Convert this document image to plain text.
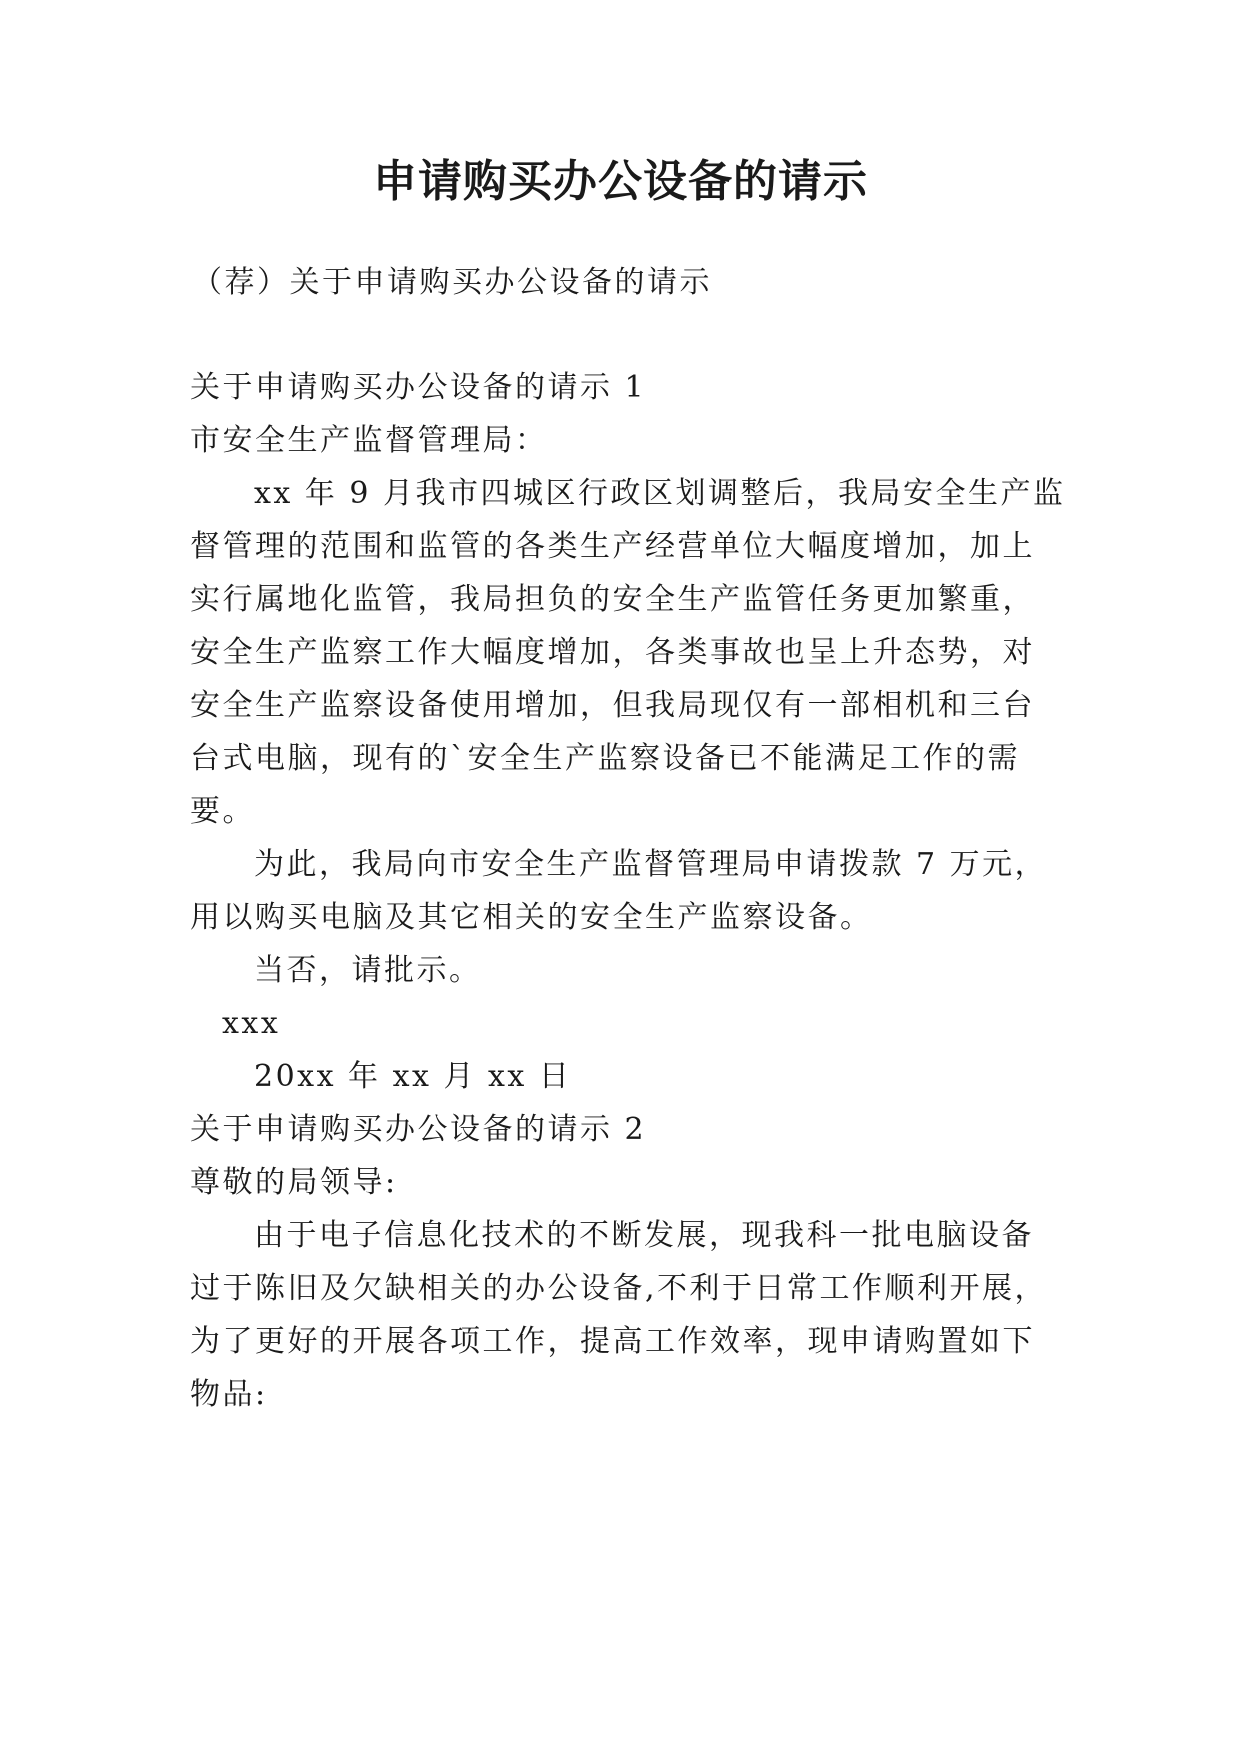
申请购买办公设备的请示
（荐）关于申请购买办公设备的请示
关于申请购买办公设备的请示 1
市安全生产监督管理局：
xx 年 9 月我市四城区行政区划调整后，我局安全生产监
督管理的范围和监管的各类生产经营单位大幅度增加，加上
实行属地化监管，我局担负的安全生产监管任务更加繁重，
安全生产监察工作大幅度增加，各类事故也呈上升态势，对
安全生产监察设备使用增加，但我局现仅有一部相机和三台
台式电脑，现有的`安全生产监察设备已不能满足工作的需
要。
为此，我局向市安全生产监督管理局申请拨款 7 万元，
用以购买电脑及其它相关的安全生产监察设备。
当否，请批示。
xxx
20xx 年 xx 月 xx 日
关于申请购买办公设备的请示 2
尊敬的局领导:
由于电子信息化技术的不断发展，现我科一批电脑设备
过于陈旧及欠缺相关的办公设备,不利于日常工作顺利开展，
为了更好的开展各项工作，提高工作效率，现申请购置如下
物品:
